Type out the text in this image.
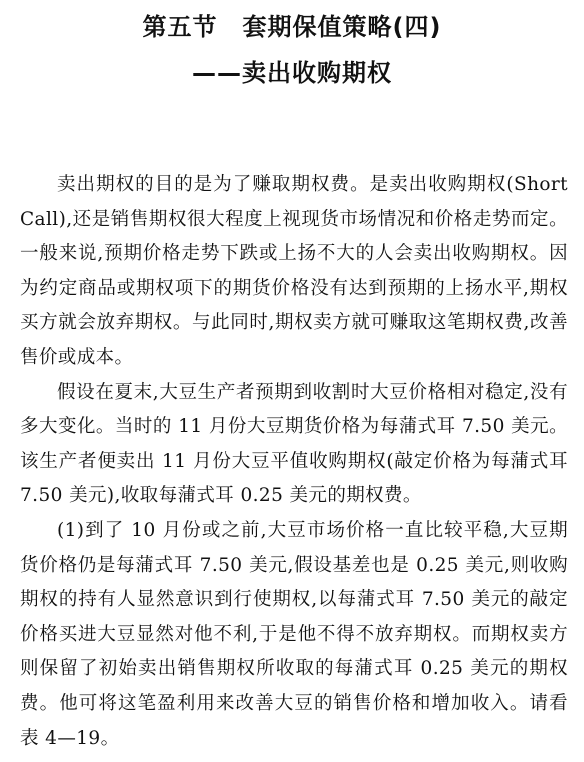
第五节　套期保值策略(四)
——卖出收购期权

卖出期权的目的是为了赚取期权费。是卖出收购期权(Short Call),还是销售期权很大程度上视现货市场情况和价格走势而定。一般来说,预期价格走势下跌或上扬不大的人会卖出收购期权。因为约定商品或期权项下的期货价格没有达到预期的上扬水平,期权买方就会放弃期权。与此同时,期权卖方就可赚取这笔期权费,改善售价或成本。

假设在夏末,大豆生产者预期到收割时大豆价格相对稳定,没有多大变化。当时的 11 月份大豆期货价格为每蒲式耳 7.50 美元。该生产者便卖出 11 月份大豆平值收购期权(敲定价格为每蒲式耳 7.50 美元),收取每蒲式耳 0.25 美元的期权费。

(1)到了 10 月份或之前,大豆市场价格一直比较平稳,大豆期货价格仍是每蒲式耳 7.50 美元,假设基差也是 0.25 美元,则收购期权的持有人显然意识到行使期权,以每蒲式耳 7.50 美元的敲定价格买进大豆显然对他不利,于是他不得不放弃期权。而期权卖方则保留了初始卖出销售期权所收取的每蒲式耳 0.25 美元的期权费。他可将这笔盈利用来改善大豆的销售价格和增加收入。请看表 4—19。
